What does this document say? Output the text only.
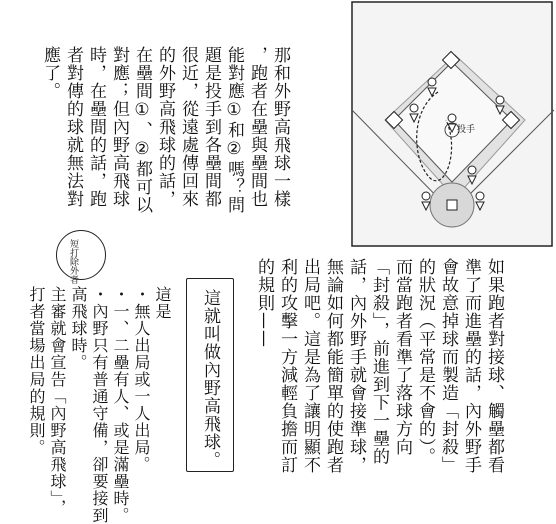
投手
那和外野高飛球一樣
，跑者在壘與壘間也
能對應①和②嗎？問
題是投手到各壘間都
很近，從遠處傳回來
的外野高飛球的話，
在壘間①、②都可以
對應；但內野高飛球
時，在壘間的話，跑
者對傳的球就無法對
應了。
短打除外者
這是
・無人出局或一人出局。
・一、二壘有人、或是滿壘時。
・內野只有普通守備，卻要接到
高飛球時。
主審就會宣告「內野高飛球」，
打者當場出局的規則。	這就叫做內野高飛球。	如果跑者對接球、觸壘都看
準了而進壘的話，內外野手
會故意掉球而製造「封殺」
的狀況（平常是不會的）。
而當跑者看準了落球方向
「封殺」，前進到下一壘的
話，內外野手就會接準球，
無論如何都能簡單的使跑者
出局吧。這是為了讓明顯不
利的攻擊一方減輕負擔而訂
的規則——
